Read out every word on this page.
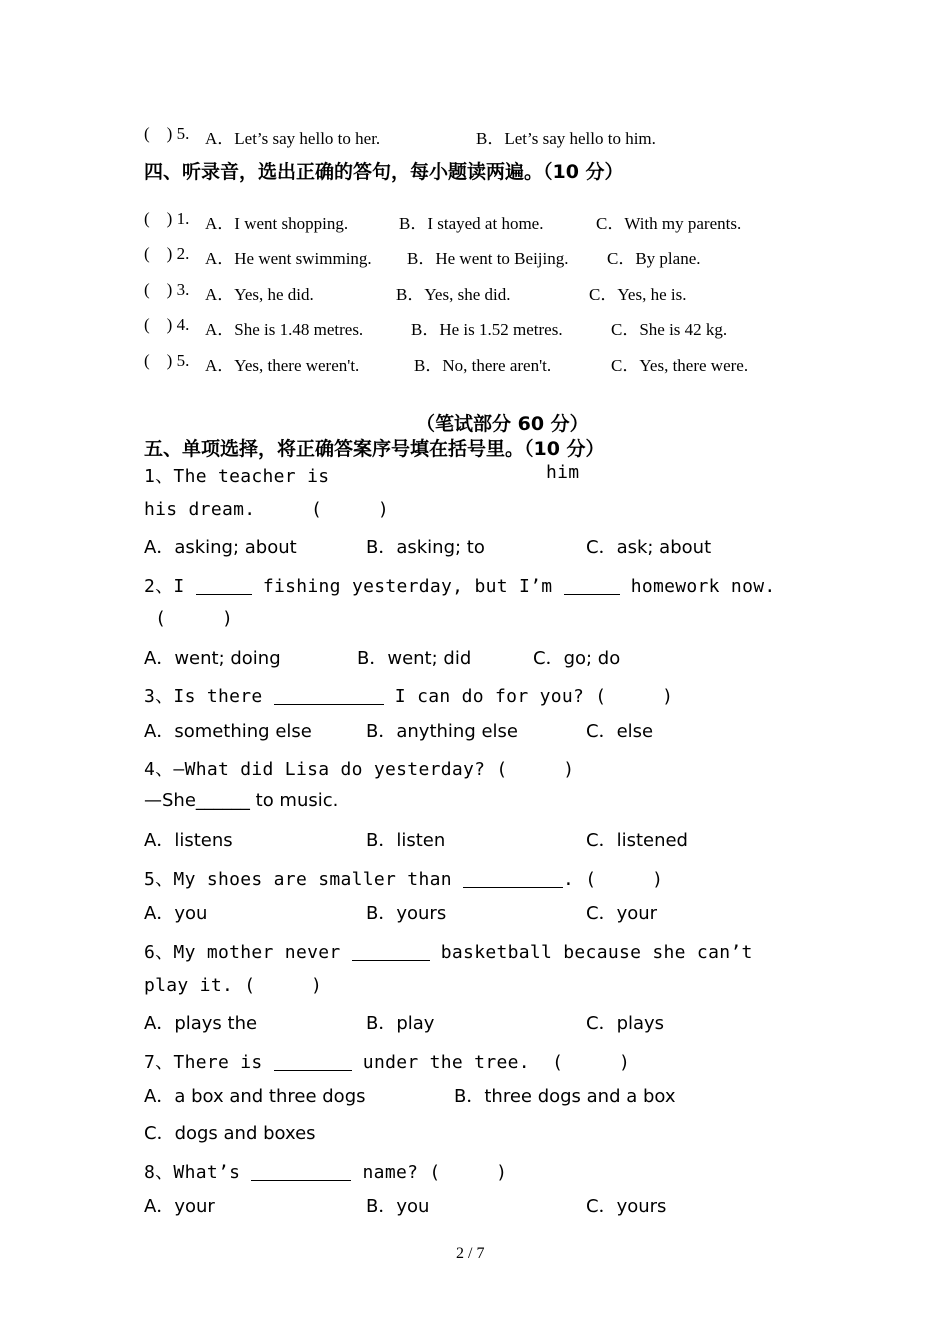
(    ) 5. A．Let’s say hello to her.	B．Let’s say hello to him.
四、听录音，选出正确的答句，每小题读两遍。（10 分）
(    ) 1. A．I went shopping.	B．I stayed at home.	C．With my parents.
(    ) 2. A．He went swimming. B．He went to Beijing. C．By plane.
(    ) 3. A．Yes, he did.	B．Yes, she did.	C．Yes, he is.
(    ) 4. A．She is 1.48 metres.	B．He is 1.52 metres.	C．She is 42 kg.
(    ) 5. A．Yes, there weren't.	B．No, there aren't.	C．Yes, there were.
（笔试部分 60 分）
五、单项选择，将正确答案序号填在括号里。（10 分）
1、The teacher is	him
his dream.     (     )
A．asking; about	B．asking; to	C．ask; about
2、I	fishing yesterday, but I’m	homework now.
(     )
A．went; doing	B．went; did	C．go; do
3、Is there	I can do for you? (     )
A．something else	B．anything else	C．else
4、—What did Lisa do yesterday? (     )
—She______ to music.
A．listens	B．listen	C．listened
5、My shoes are smaller than	. (     )
A．you	B．yours	C．your
6、My mother never	basketball because she can’t
play it. (     )
A．plays the	B．play	C．plays
7、There is	under the tree.  (     )
A．a box and three dogs	B．three dogs and a box
C．dogs and boxes
8、What’s	name? (     )
A．your	B．you	C．yours
2 / 7
